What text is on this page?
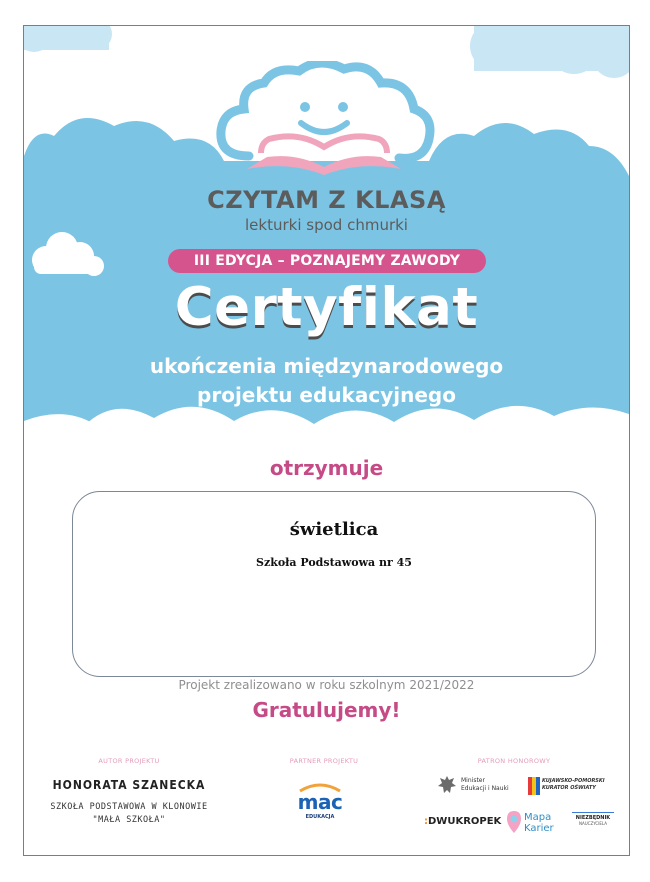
CZYTAM Z KLASĄ
lekturki spod chmurki
III EDYCJA – POZNAJEMY ZAWODY
Certyfikat
ukończenia międzynarodowego
projektu edukacyjnego
otrzymuje
świetlica
Szkoła Podstawowa nr 45
Projekt zrealizowano w roku szkolnym 2021/2022
Gratulujemy!
AUTOR PROJEKTU
HONORATA SZANECKA
SZKOŁA PODSTAWOWA W KLONOWIE
"MAŁA SZKOŁA"
PARTNER PROJEKTU
mac
EDUKACJA
PATRON HONOROWY
Minister
Edukacji i Nauki
KUJAWSKO-POMORSKI
KURATOR OŚWIATY
:DWUKROPEK Mapa
Karier
NIEZBĘDNIK
NAUCZYCIELA
